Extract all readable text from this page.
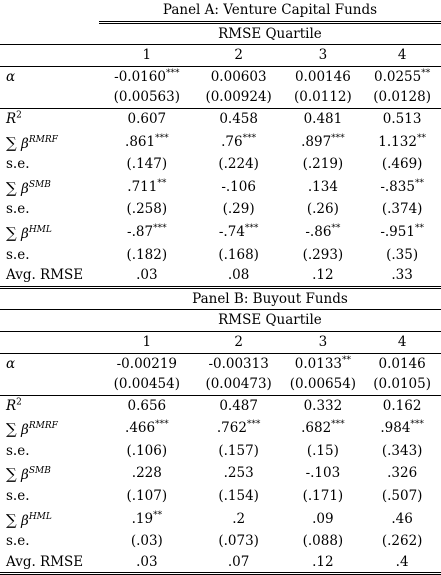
	Panel A: Venture Capital Funds			
	RMSE Quartile			
	1	2	3	4
α	-0.0160***	0.00603	0.00146	0.0255**
	(0.00563)	(0.00924)	(0.0112)	(0.0128)
$R^2$	0.607	0.458	0.481	0.513
∑ $\beta^{RMRF}$	.861***	.76***	.897***	1.132**
s.e.	(.147)	(.224)	(.219)	(.469)
∑ $\beta^{SMB}$	.711**	-.106	.134	-.835**
s.e.	(.258)	(.29)	(.26)	(.374)
∑ $\beta^{HML}$	-.87***	-.74***	-.86**	-.951**
s.e.	(.182)	(.168)	(.293)	(.35)
Avg. RMSE	.03	.08	.12	.33
	Panel B: Buyout Funds			
	RMSE Quartile			
	1	2	3	4
α	-0.00219	-0.00313	0.0133**	0.0146
	(0.00454)	(0.00473)	(0.00654)	(0.0105)
$R^2$	0.656	0.487	0.332	0.162
∑ $\beta^{RMRF}$	.466***	.762***	.682***	.984***
s.e.	(.106)	(.157)	(.15)	(.343)
∑ $\beta^{SMB}$	.228	.253	-.103	.326
s.e.	(.107)	(.154)	(.171)	(.507)
∑ $\beta^{HML}$	.19**	.2	.09	.46
s.e.	(.03)	(.073)	(.088)	(.262)
Avg. RMSE	.03	.07	.12	.4
